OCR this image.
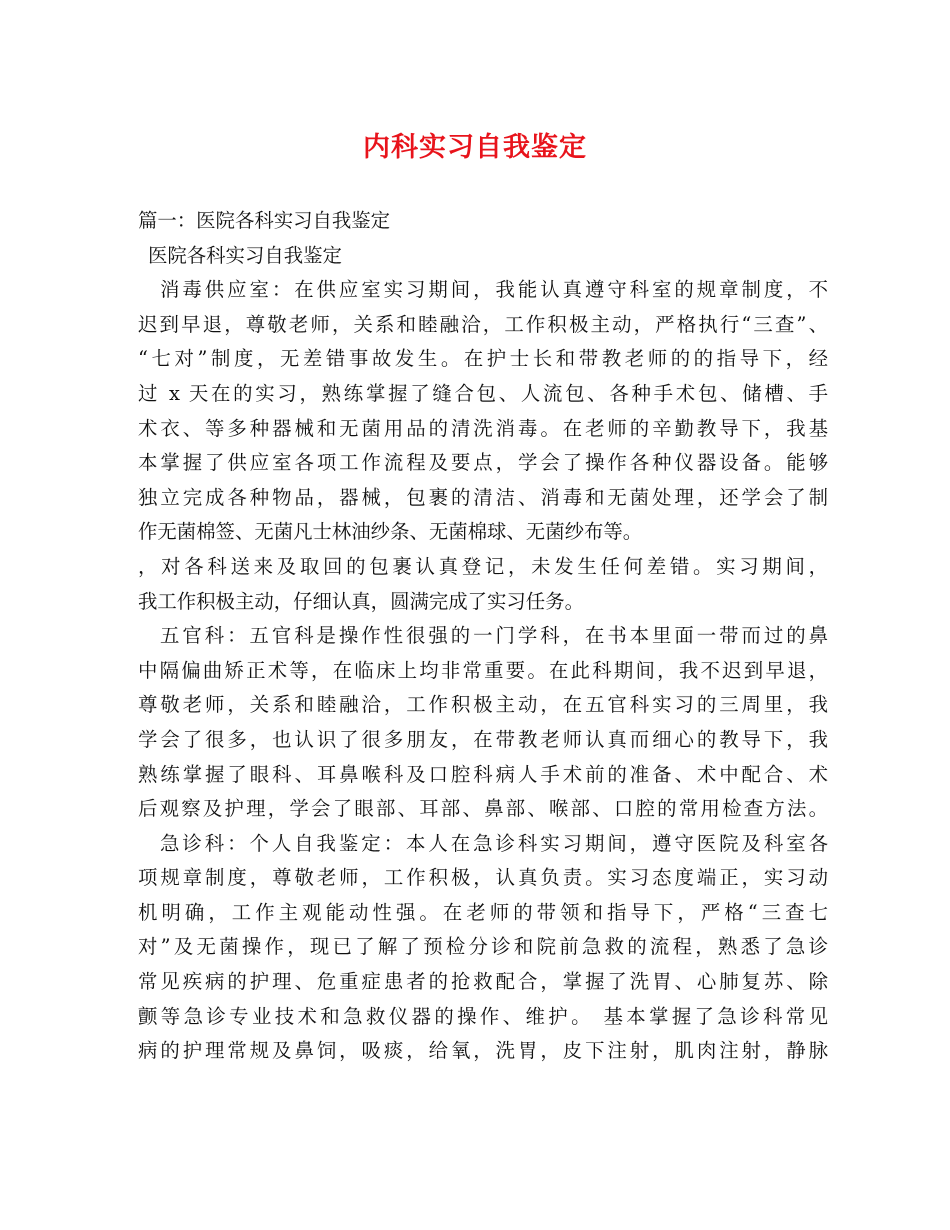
内科实习自我鉴定
篇一：医院各科实习自我鉴定
医院各科实习自我鉴定
消毒供应室：在供应室实习期间，我能认真遵守科室的规章制度，不
迟到早退，尊敬老师，关系和睦融洽，工作积极主动，严格执行“三查”、
“七对”制度，无差错事故发生。在护士长和带教老师的的指导下，经
过 x 天在的实习，熟练掌握了缝合包、人流包、各种手术包、储槽、手
术衣、等多种器械和无菌用品的清洗消毒。在老师的辛勤教导下，我基
本掌握了供应室各项工作流程及要点，学会了操作各种仪器设备。能够
独立完成各种物品，器械，包裹的清洁、消毒和无菌处理，还学会了制
作无菌棉签、无菌凡士林油纱条、无菌棉球、无菌纱布等。
，对各科送来及取回的包裹认真登记，未发生任何差错。实习期间，
我工作积极主动，仔细认真，圆满完成了实习任务。
五官科：五官科是操作性很强的一门学科，在书本里面一带而过的鼻
中隔偏曲矫正术等，在临床上均非常重要。在此科期间，我不迟到早退，
尊敬老师，关系和睦融洽，工作积极主动，在五官科实习的三周里，我
学会了很多，也认识了很多朋友，在带教老师认真而细心的教导下，我
熟练掌握了眼科、耳鼻喉科及口腔科病人手术前的准备、术中配合、术
后观察及护理，学会了眼部、耳部、鼻部、喉部、口腔的常用检查方法。
急诊科：个人自我鉴定：本人在急诊科实习期间，遵守医院及科室各
项规章制度，尊敬老师，工作积极，认真负责。实习态度端正，实习动
机明确，工作主观能动性强。在老师的带领和指导下，严格“三查七
对”及无菌操作，现已了解了预检分诊和院前急救的流程，熟悉了急诊
常见疾病的护理、危重症患者的抢救配合，掌握了洗胃、心肺复苏、除
颤等急诊专业技术和急救仪器的操作、维护。 基本掌握了急诊科常见
病的护理常规及鼻饲，吸痰，给氧，洗胃，皮下注射，肌肉注射，静脉
